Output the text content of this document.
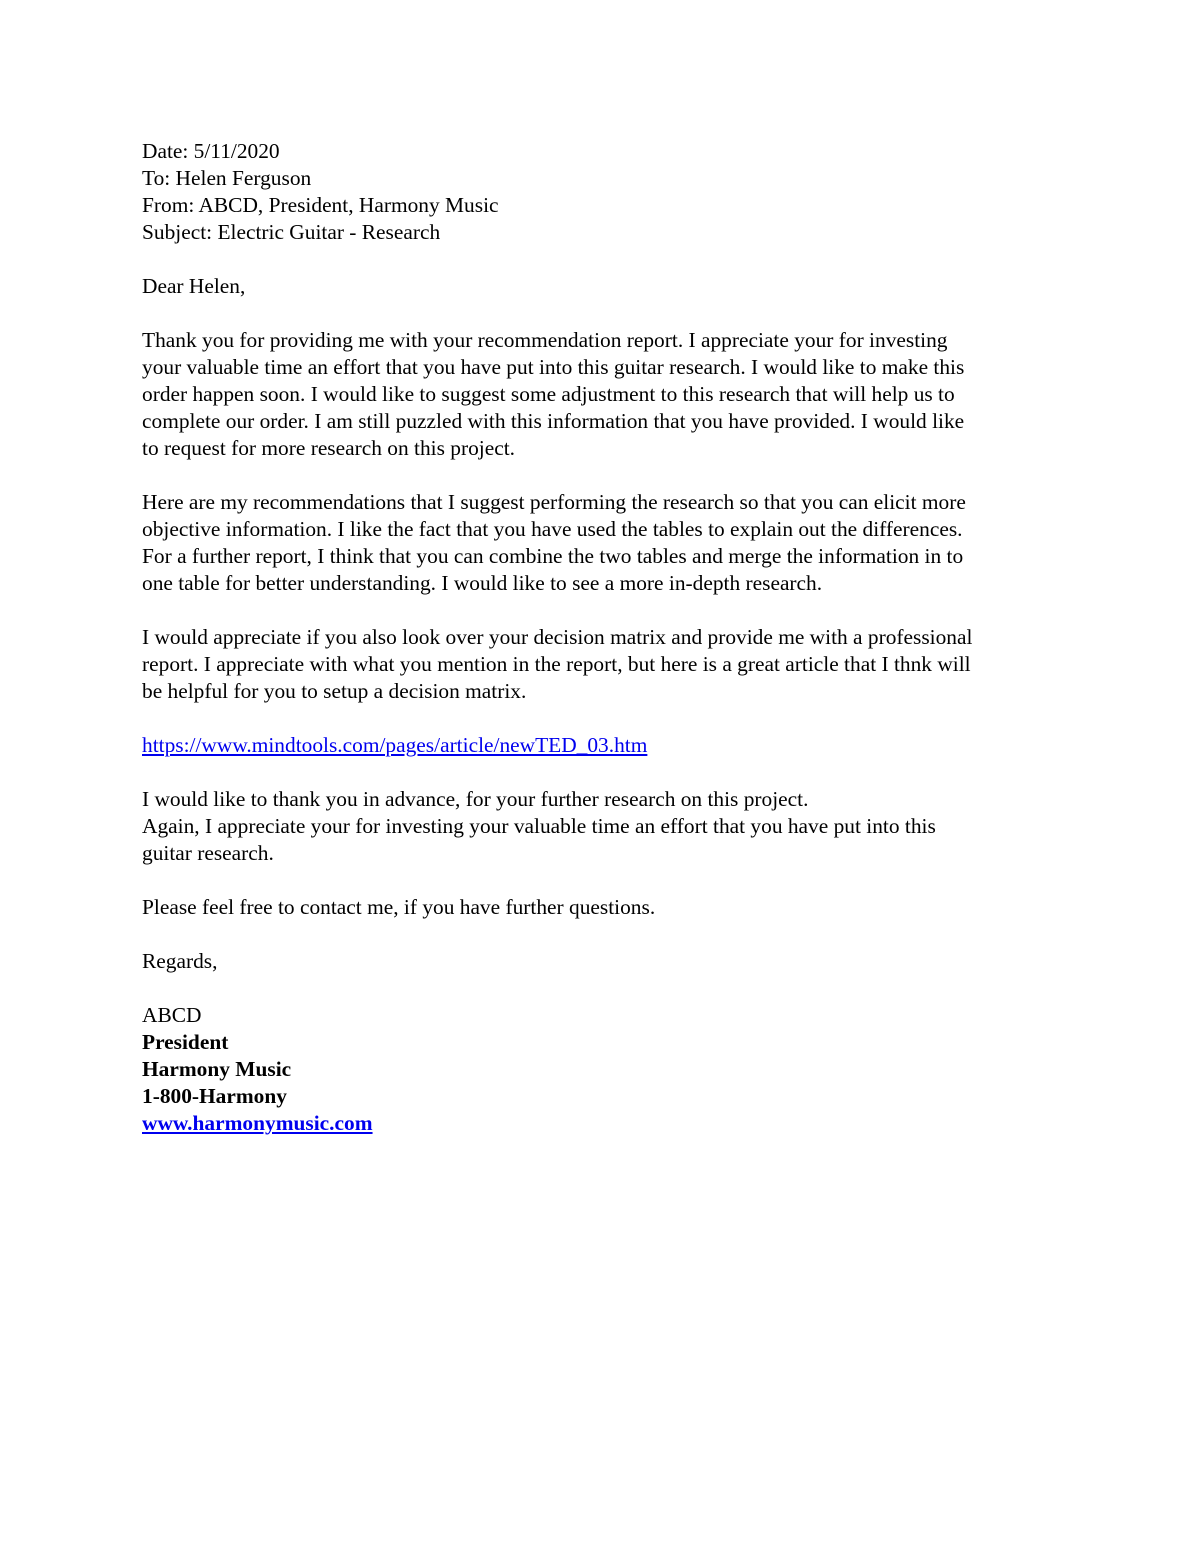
Date: 5/11/2020
To: Helen Ferguson
From: ABCD, President, Harmony Music
Subject: Electric Guitar - Research
Dear Helen,
Thank you for providing me with your recommendation report. I appreciate your for investing
your valuable time an effort that you have put into this guitar research. I would like to make this
order happen soon. I would like to suggest some adjustment to this research that will help us to
complete our order. I am still puzzled with this information that you have provided. I would like
to request for more research on this project.
Here are my recommendations that I suggest performing the research so that you can elicit more
objective information. I like the fact that you have used the tables to explain out the differences.
For a further report, I think that you can combine the two tables and merge the information in to
one table for better understanding. I would like to see a more in-depth research.
I would appreciate if you also look over your decision matrix and provide me with a professional
report. I appreciate with what you mention in the report, but here is a great article that I thnk will
be helpful for you to setup a decision matrix.
https://www.mindtools.com/pages/article/newTED_03.htm
I would like to thank you in advance, for your further research on this project.
Again, I appreciate your for investing your valuable time an effort that you have put into this
guitar research.
Please feel free to contact me, if you have further questions.
Regards,
ABCD
President
Harmony Music
1-800-Harmony
www.harmonymusic.com
